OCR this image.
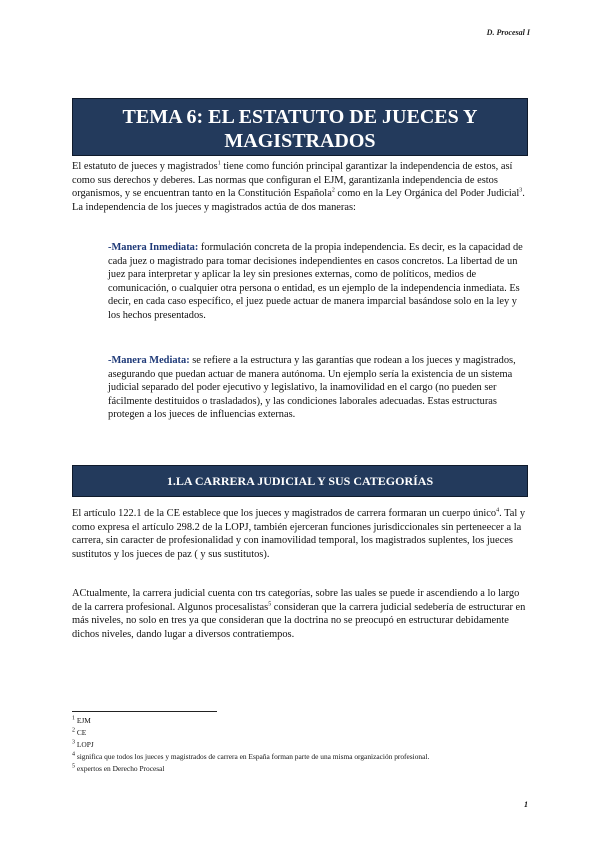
D. Procesal I
TEMA 6: EL ESTATUTO DE JUECES Y
MAGISTRADOS

El estatuto de jueces y magistrados$^1$ tiene como función principal garantizar la independencia de estos, así como sus derechos y deberes. Las normas que configuran el EJM, garantizanla independencia de estos organismos, y se encuentran tanto en la Constitución Española$^2$ como en la Ley Orgánica del Poder Judicial$^3$. La independencia de los jueces y magistrados actúa de dos maneras:

-Manera Inmediata: formulación concreta de la propia independencia. Es decir, es la capacidad de cada juez o magistrado para tomar decisiones independientes en casos concretos. La libertad de un juez para interpretar y aplicar la ley sin presiones externas, como de políticos, medios de comunicación, o cualquier otra persona o entidad, es un ejemplo de la independencia inmediata. Es decir, en cada caso específico, el juez puede actuar de manera imparcial basándose solo en la ley y los hechos presentados.

-Manera Mediata: se refiere a la estructura y las garantías que rodean a los jueces y magistrados, asegurando que puedan actuar de manera autónoma. Un ejemplo sería la existencia de un sistema judicial separado del poder ejecutivo y legislativo, la inamovilidad en el cargo (no pueden ser fácilmente destituidos o trasladados), y las condiciones laborales adecuadas. Estas estructuras protegen a los jueces de influencias externas.

1.LA CARRERA JUDICIAL Y SUS CATEGORÍAS

El artículo 122.1 de la CE establece que los jueces y magistrados de carrera formaran un cuerpo único$^4$. Tal y como expresa el artículo 298.2 de la LOPJ, también ejerceran funciones jurisdiccionales sin perteneecer a la carrera, sin caracter de profesionalidad y con inamovilidad temporal, los magistrados suplentes, los jueces sustitutos y los jueces de paz ( y sus sustitutos).

ACtualmente, la carrera judicial cuenta con trs categorías, sobre las uales se puede ir ascendiendo a lo largo de la carrera profesional. Algunos procesalistas$^5$ consideran que la carrera judicial sedebería de estructurar en más niveles, no solo en tres ya que consideran que la doctrina no se preocupó en estructurar debidamente dichos niveles, dando lugar a diversos contratiempos.

$^1$ EJM
$^2$ CE
$^3$ LOPJ
$^4$ significa que todos los jueces y magistrados de carrera en España forman parte de una misma organización profesional.
$^5$ expertos en Derecho Procesal
1
